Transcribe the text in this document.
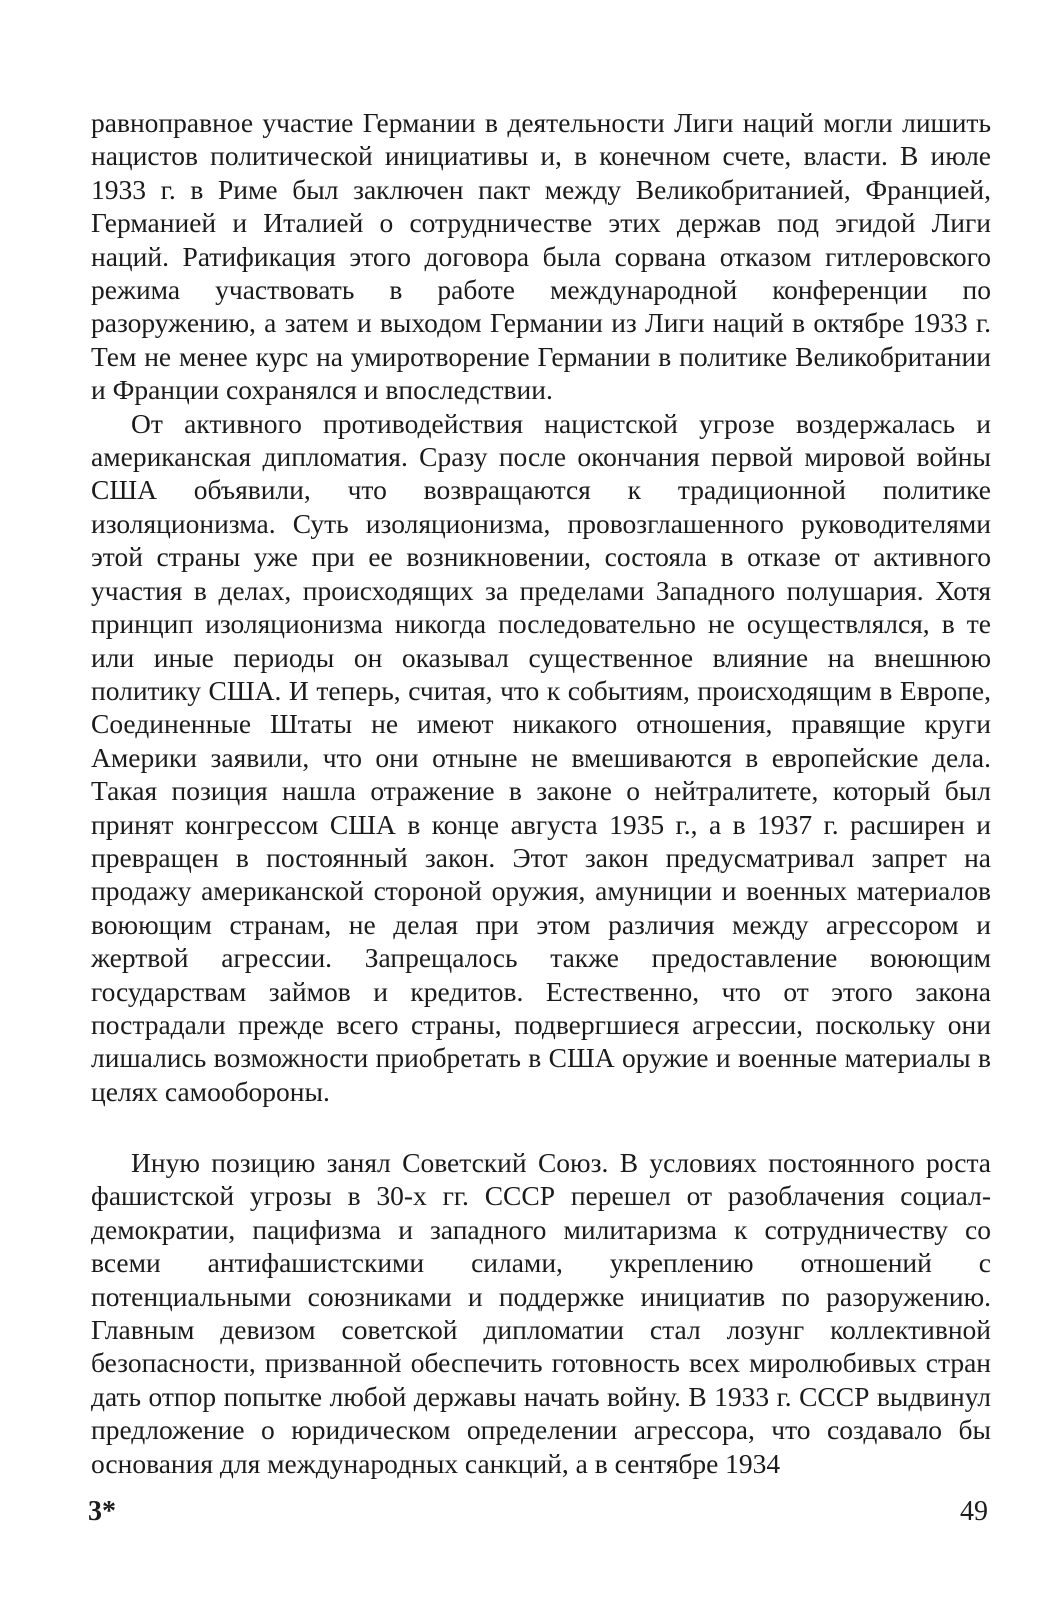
равноправное участие Германии в деятельности Лиги наций могли лишить нацистов политической инициативы и, в конечном счете, власти. В июле 1933 г. в Риме был заключен пакт между Великобританией, Францией, Германией и Италией о сотрудничестве этих держав под эгидой Лиги наций. Ратификация этого договора была сорвана отказом гитлеровского режима участвовать в работе международной конференции по разоружению, а затем и выходом Германии из Лиги наций в октябре 1933 г. Тем не менее курс на умиротворение Германии в политике Великобритании и Франции сохранялся и впоследствии.

От активного противодействия нацистской угрозе воздержалась и американская дипломатия. Сразу после окончания первой мировой войны США объявили, что возвращаются к традиционной политике изоляционизма. Суть изоляционизма, провозглашенного руководителями этой страны уже при ее возникновении, состояла в отказе от активного участия в делах, происходящих за пределами Западного полушария. Хотя принцип изоляционизма никогда последовательно не осуществлялся, в те или иные периоды он оказывал существенное влияние на внешнюю политику США. И теперь, считая, что к событиям, происходящим в Европе, Соединенные Штаты не имеют никакого отношения, правящие круги Америки заявили, что они отныне не вмешиваются в европейские дела. Такая позиция нашла отражение в законе о нейтралитете, который был принят конгрессом США в конце августа 1935 г., а в 1937 г. расширен и превращен в постоянный закон. Этот закон предусматривал запрет на продажу американской стороной оружия, амуниции и военных материалов воюющим странам, не делая при этом различия между агрессором и жертвой агрессии. Запрещалось также предоставление воюющим государствам займов и кредитов. Естественно, что от этого закона пострадали прежде всего страны, подвергшиеся агрессии, поскольку они лишались возможности приобретать в США оружие и военные материалы в целях самообороны.

Иную позицию занял Советский Союз. В условиях постоянного роста фашистской угрозы в 30-х гг. СССР перешел от разоблачения социал-демократии, пацифизма и западного милитаризма к сотрудничеству со всеми антифашистскими силами, укреплению отношений с потенциальными союзниками и поддержке инициатив по разоружению. Главным девизом советской дипломатии стал лозунг коллективной безопасности, призванной обеспечить готовность всех миролюбивых стран дать отпор попытке любой державы начать войну. В 1933 г. СССР выдвинул предложение о юридическом определении агрессора, что создавало бы основания для международных санкций, а в сентябре 1934

3*	49
